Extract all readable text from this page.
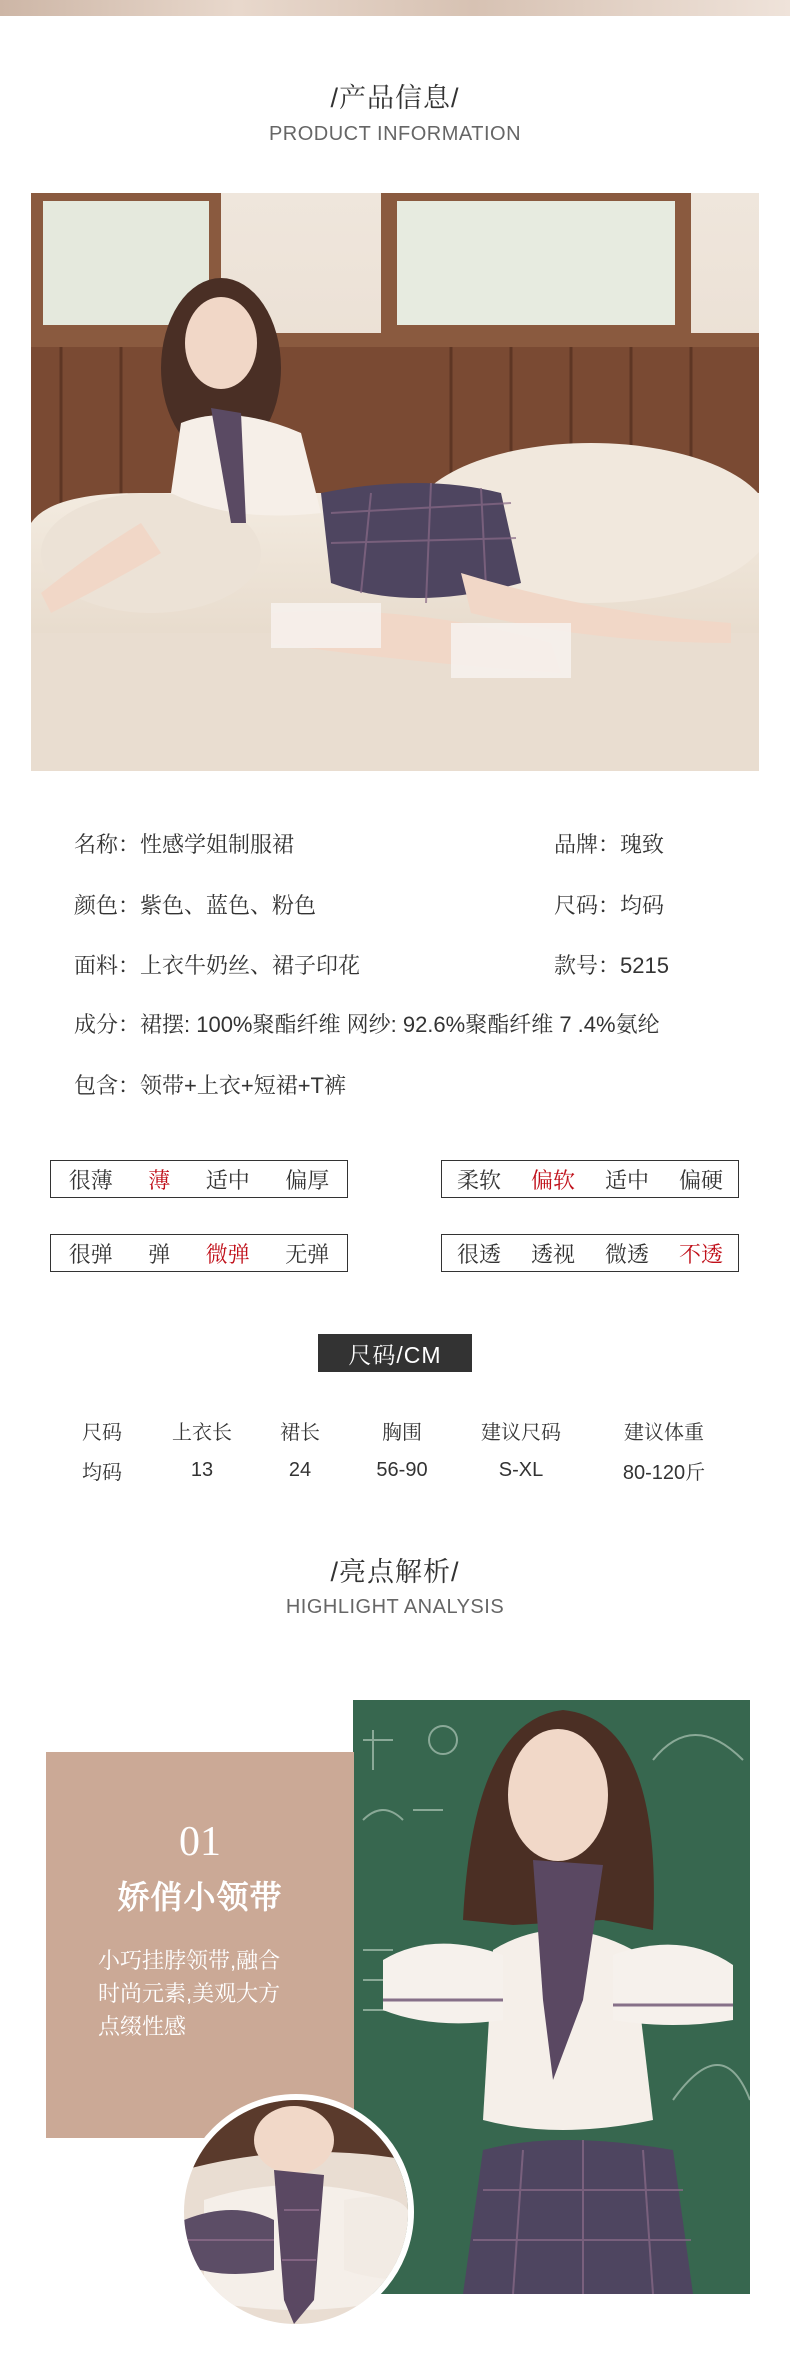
/产品信息/
PRODUCT INFORMATION
名称：性感学姐制服裙	品牌：瑰致
颜色：紫色、蓝色、粉色	尺码：均码
面料：上衣牛奶丝、裙子印花	款号：5215
成分：裙摆: 100%聚酯纤维 网纱: 92.6%聚酯纤维 7 .4%氨纶
包含：领带+上衣+短裙+T裤
很薄 薄 适中 偏厚	柔软 偏软 适中 偏硬
很弹 弹 微弹 无弹	很透 透视 微透 不透
尺码/CM
尺码	上衣长	裙长	胸围	建议尺码	建议体重
均码	13	24	56-90	S-XL	80-120斤
/亮点解析/
HIGHLIGHT ANALYSIS
01
娇俏小领带
小巧挂脖领带,融合
时尚元素,美观大方
点缀性感
